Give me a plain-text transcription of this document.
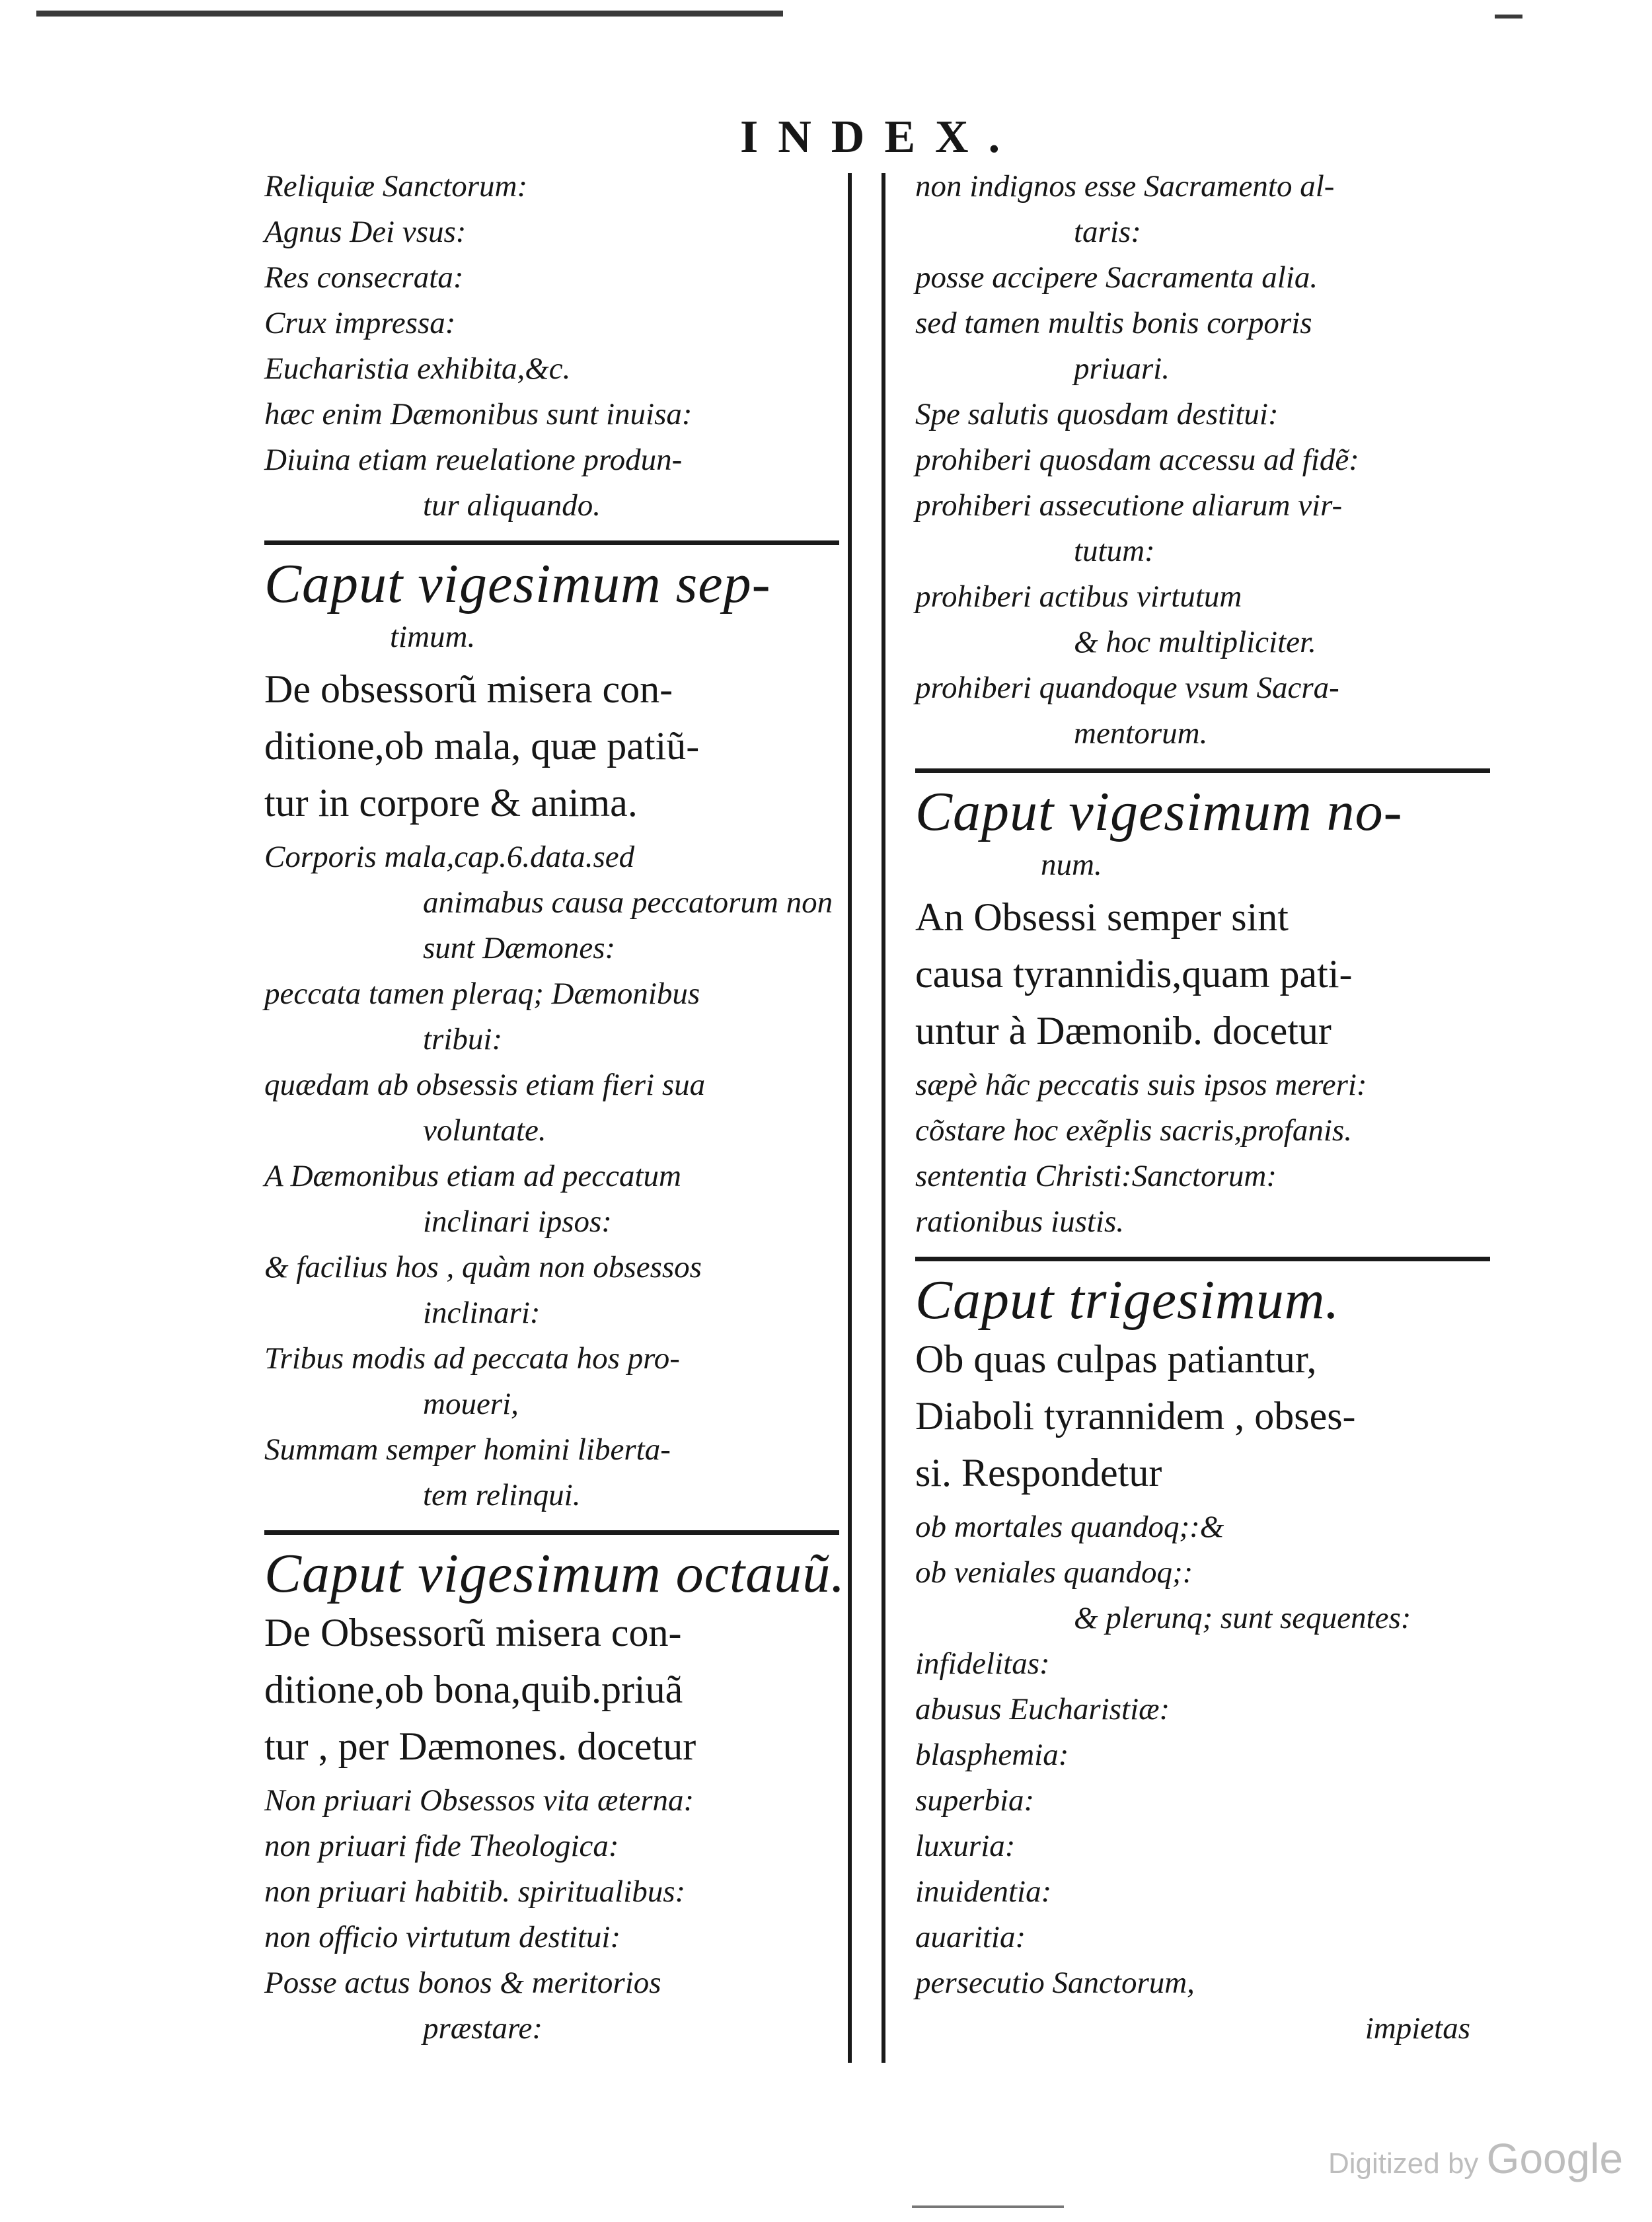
INDEX.
Reliquiæ Sanctorum:
Agnus Dei vsus:
Res consecrata:
Crux impressa:
Eucharistia exhibita,&c.
hæc enim Dæmonibus sunt inuisa:
Diuina etiam reuelatione produn-
tur aliquando.
Caput vigesimum sep-
timum.
De obsessorũ misera con-
ditione,ob mala, quæ patiũ-
tur in corpore & anima.
Corporis mala,cap.6.data.sed
animabus causa peccatorum non
sunt Dæmones:
peccata tamen pleraq; Dæmonibus
tribui:
quædam ab obsessis etiam fieri sua
voluntate.
A Dæmonibus etiam ad peccatum
inclinari ipsos:
& facilius hos , quàm non obsessos
inclinari:
Tribus modis ad peccata hos pro-
moueri,
Summam semper homini liberta-
tem relinqui.
Caput vigesimum octauũ.
De Obsessorũ misera con-
ditione,ob bona,quib.priuã
tur , per Dæmones. docetur
Non priuari Obsessos vita æterna:
non priuari fide Theologica:
non priuari habitib. spiritualibus:
non officio virtutum destitui:
Posse actus bonos & meritorios
præstare:
non indignos esse Sacramento al-
taris:
posse accipere Sacramenta alia.
sed tamen multis bonis corporis
priuari.
Spe salutis quosdam destitui:
prohiberi quosdam accessu ad fidẽ:
prohiberi assecutione aliarum vir-
tutum:
prohiberi actibus virtutum
& hoc multipliciter.
prohiberi quandoque vsum Sacra-
mentorum.
Caput vigesimum no-
num.
An Obsessi semper sint
causa tyrannidis,quam pati-
untur à Dæmonib. docetur
sæpè hãc peccatis suis ipsos mereri:
cõstare hoc exẽplis sacris,profanis.
sententia Christi:Sanctorum:
rationibus iustis.
Caput trigesimum.
Ob quas culpas patiantur,
Diaboli tyrannidem , obses-
si. Respondetur
ob mortales quandoq;:&
ob veniales quandoq;:
& plerunq; sunt sequentes:
infidelitas:
abusus Eucharistiæ:
blasphemia:
superbia:
luxuria:
inuidentia:
auaritia:
persecutio Sanctorum,
impietas
Digitized by Google
